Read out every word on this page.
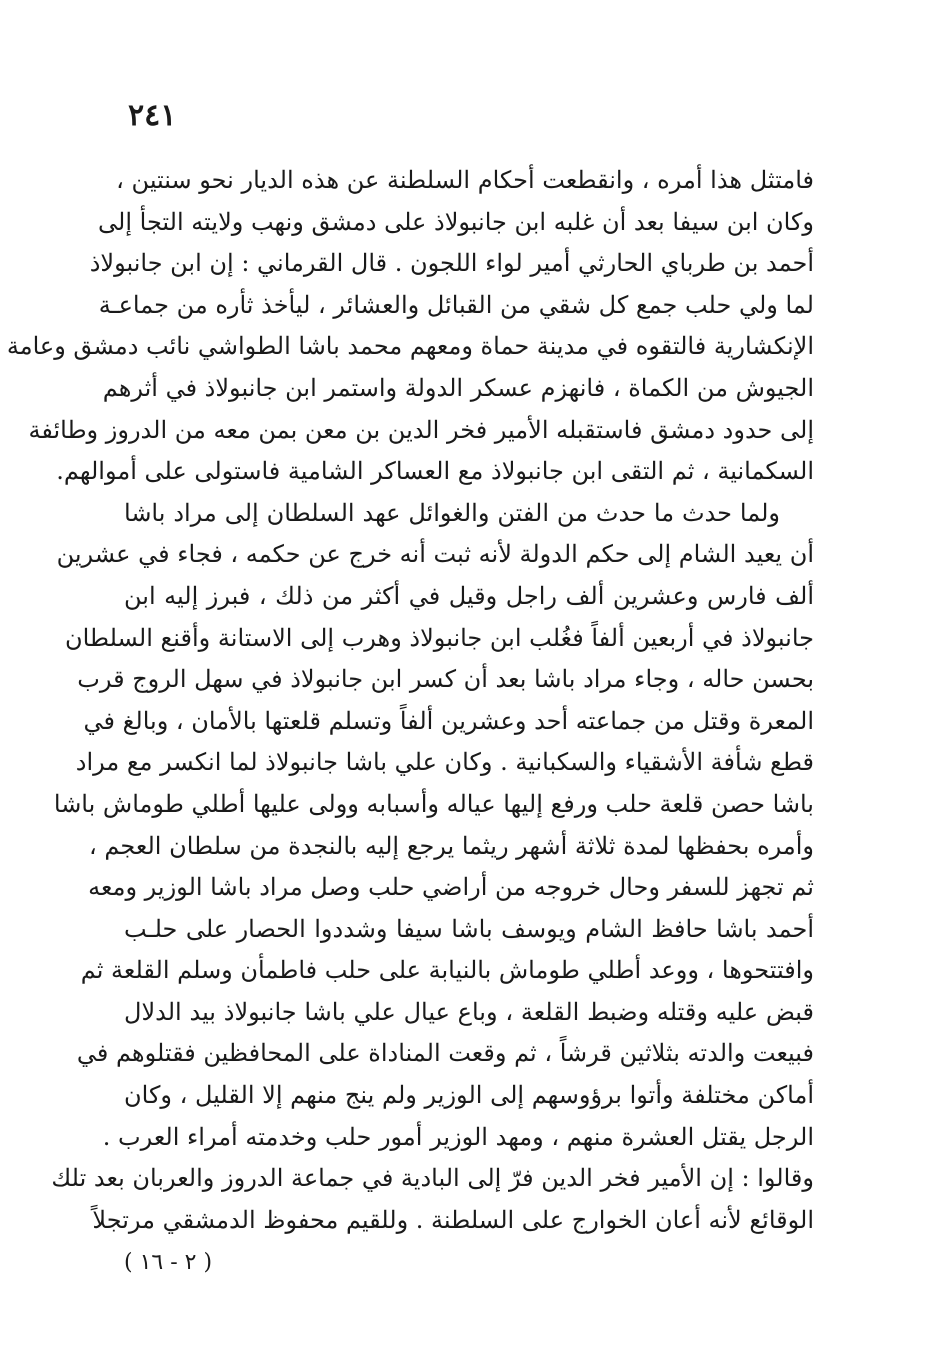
٢٤١
فامتثل هذا أمره ، وانقطعت أحكام السلطنة عن هذه الديار نحو سنتين ،
وكان ابن سيفا بعد أن غلبه ابن جانبولاذ على دمشق ونهب ولايته التجأ إلى
أحمد بن طرباي الحارثي أمير لواء اللجون . قال القرماني : إن ابن جانبولاذ
لما ولي حلب جمع كل شقي من القبائل والعشائر ، ليأخذ ثأره من جماعـة
الإنكشارية فالتقوه في مدينة حماة ومعهم محمد باشا الطواشي نائب دمشق وعامة
الجيوش من الكماة ، فانهزم عسكر الدولة واستمر ابن جانبولاذ في أثرهم
إلى حدود دمشق فاستقبله الأمير فخر الدين بن معن بمن معه من الدروز وطائفة
السكمانية ، ثم التقى ابن جانبولاذ مع العساكر الشامية فاستولى على أموالهم.
ولما حدث ما حدث من الفتن والغوائل عهد السلطان إلى مراد باشا
أن يعيد الشام إلى حكم الدولة لأنه ثبت أنه خرج عن حكمه ، فجاء في عشرين
ألف فارس وعشرين ألف راجل وقيل في أكثر من ذلك ، فبرز إليه ابن
جانبولاذ في أربعين ألفاً فغُلب ابن جانبولاذ وهرب إلى الاستانة وأقنع السلطان
بحسن حاله ، وجاء مراد باشا بعد أن كسر ابن جانبولاذ في سهل الروج قرب
المعرة وقتل من جماعته أحد وعشرين ألفاً وتسلم قلعتها بالأمان ، وبالغ في
قطع شأفة الأشقياء والسكبانية . وكان علي باشا جانبولاذ لما انكسر مع مراد
باشا حصن قلعة حلب ورفع إليها عياله وأسبابه وولى عليها أطلي طوماش باشا
وأمره بحفظها لمدة ثلاثة أشهر ريثما يرجع إليه بالنجدة من سلطان العجم ،
ثم تجهز للسفر وحال خروجه من أراضي حلب وصل مراد باشا الوزير ومعه
أحمد باشا حافظ الشام ويوسف باشا سيفا وشددوا الحصار على حلـب
وافتتحوها ، ووعد أطلي طوماش بالنيابة على حلب فاطمأن وسلم القلعة ثم
قبض عليه وقتله وضبط القلعة ، وباع عيال علي باشا جانبولاذ بيد الدلال
فبيعت والدته بثلاثين قرشاً ، ثم وقعت المناداة على المحافظين فقتلوهم في
أماكن مختلفة وأتوا برؤوسهم إلى الوزير ولم ينج منهم إلا القليل ، وكان
الرجل يقتل العشرة منهم ، ومهد الوزير أمور حلب وخدمته أمراء العرب .
وقالوا : إن الأمير فخر الدين فرّ إلى البادية في جماعة الدروز والعربان بعد تلك
الوقائع لأنه أعان الخوارج على السلطنة . وللقيم محفوظ الدمشقي مرتجلاً
( ٢ - ١٦ )
